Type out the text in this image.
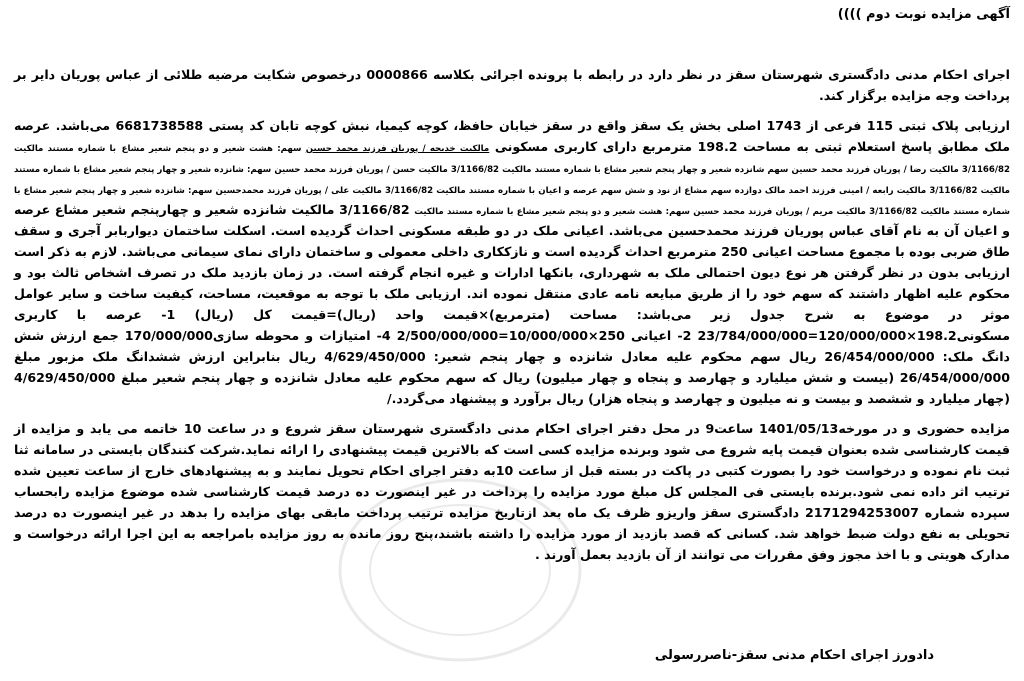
آگهی مزایده نوبت دوم ))))

اجرای احکام مدنی دادگستری شهرستان سقز در نظر دارد در رابطه با پرونده اجرائی بکلاسه 0000866 درخصوص شکایت مرضیه طلائی از عباس پوریان دایر بر پرداخت وجه مزایده برگزار کند.

ارزیابی پلاک ثبتی 115 فرعی از 1743 اصلی بخش یک سقز واقع در سقز خیابان حافظ، کوچه کیمیا، نبش کوچه تابان کد پستی 6681738588 می‌باشد. عرصه ملک مطابق پاسخ استعلام ثبتی به مساحت 198.2 مترمربع دارای کاربری مسکونی مالکیت خدیجه / پوریان فرزند محمد حسین سهم: هشت شعیر و دو پنجم شعیر مشاع با شماره مستند مالکیت 3/1166/82 مالکیت رضا / پوریان فرزند محمد حسین سهم شانزده شعیر و چهار پنجم شعیر مشاع با شماره مستند مالکیت 3/1166/82 مالکیت حسن / پوریان فرزند محمد حسین سهم: شانزده شعیر و چهار پنجم شعیر مشاع با شماره مستند مالکیت 3/1166/82 مالکیت رابعه / امینی فرزند احمد مالک دوازده سهم مشاع از نود و شش سهم عرصه و اعیان با شماره مستند مالکیت 3/1166/82 مالکیت علی / پوریان فرزند محمدحسین سهم: شانزده شعیر و چهار پنجم شعیر مشاع با شماره مستند مالکیت 3/1166/82 مالکیت مریم / پوریان فرزند محمد حسین سهم: هشت شعیر و دو پنجم شعیر مشاع با شماره مستند مالکیت 3/1166/82 مالکیت شانزده شعیر و چهارپنجم شعیر مشاع عرصه و اعیان آن به نام آقای عباس پوریان فرزند محمدحسین می‌باشد. اعیانی ملک در دو طبقه مسکونی احداث گردیده است. اسکلت ساختمان دیواربابر آجری و سقف طاق ضربی بوده با مجموع مساحت اعیانی 250 مترمربع احداث گردیده است و نازککاری داخلی معمولی و ساختمان دارای نمای سیمانی می‌باشد. لازم به ذکر است ارزیابی بدون در نظر گرفتن هر نوع دیون احتمالی ملک به شهرداری، بانکها ادارات و غیره انجام گرفته است. در زمان بازدید ملک در تصرف اشخاص ثالث بود و محکوم علیه اظهار داشتند که سهم خود را از طریق مبایعه نامه عادی منتقل نموده اند. ارزیابی ملک با توجه به موقعیت، مساحت، کیفیت ساخت و سایر عوامل موثر در موضوع به شرح جدول زیر می‌باشد: مساحت (مترمربع)×قیمت واحد (ریال)=قیمت کل (ریال) 1- عرصه با کاربری مسکونی198.2×120/000/000=23/784/000/000 2- اعیانی 250×10/000/000=2/500/000/000 4- امتیازات و محوطه سازی170/000/000 جمع ارزش شش دانگ ملک: 26/454/000/000 ریال سهم محکوم علیه معادل شانزده و چهار پنجم شعیر: 4/629/450/000 ریال بنابراین ارزش ششدانگ ملک مزبور مبلغ 26/454/000/000 (بیست و شش میلیارد و چهارصد و پنجاه و چهار میلیون) ریال که سهم محکوم علیه معادل شانزده و چهار پنجم شعیر مبلغ 4/629/450/000 (چهار میلیارد و ششصد و بیست و نه میلیون و چهارصد و پنجاه هزار) ریال برآورد و پیشنهاد می‌گردد./

مزایده حضوری و در مورخه1401/05/13 ساعت9 در محل دفتر اجرای احکام مدنی دادگستری شهرستان سقز شروع و در ساعت 10 خاتمه می یابد و مزایده از قیمت کارشناسی شده بعنوان قیمت پایه شروع می شود وبرنده مزایده کسی است که بالاترین قیمت پیشنهادی را ارائه نماید.شرکت کنندگان بایستی در سامانه ثنا ثبت نام نموده و درخواست خود را بصورت کتبی در پاکت در بسته قبل از ساعت 10به دفتر اجرای احکام تحویل نمایند و به پیشنهادهای خارج از ساعت تعیین شده ترتیب اثر داده نمی شود.برنده بایستی فی المجلس کل مبلغ مورد مزایده را پرداخت در غیر اینصورت ده درصد قیمت کارشناسی شده موضوع مزایده رابحساب سپرده شماره 2171294253007 دادگستری سقز واریزو ظرف یک ماه بعد ازتاریخ مزایده ترتیب پرداخت مابقی بهای مزایده را بدهد در غیر اینصورت ده درصد تحویلی به نفع دولت ضبط خواهد شد. کسانی که قصد بازدید از مورد مزایده را داشته باشند،پنج روز مانده به روز مزایده بامراجعه به این اجرا ارائه درخواست و مدارک هویتی و با اخذ مجوز وفق مقررات می توانند از آن بازدید بعمل آورند .

دادورز اجرای احکام مدنی سقز-ناصررسولی
